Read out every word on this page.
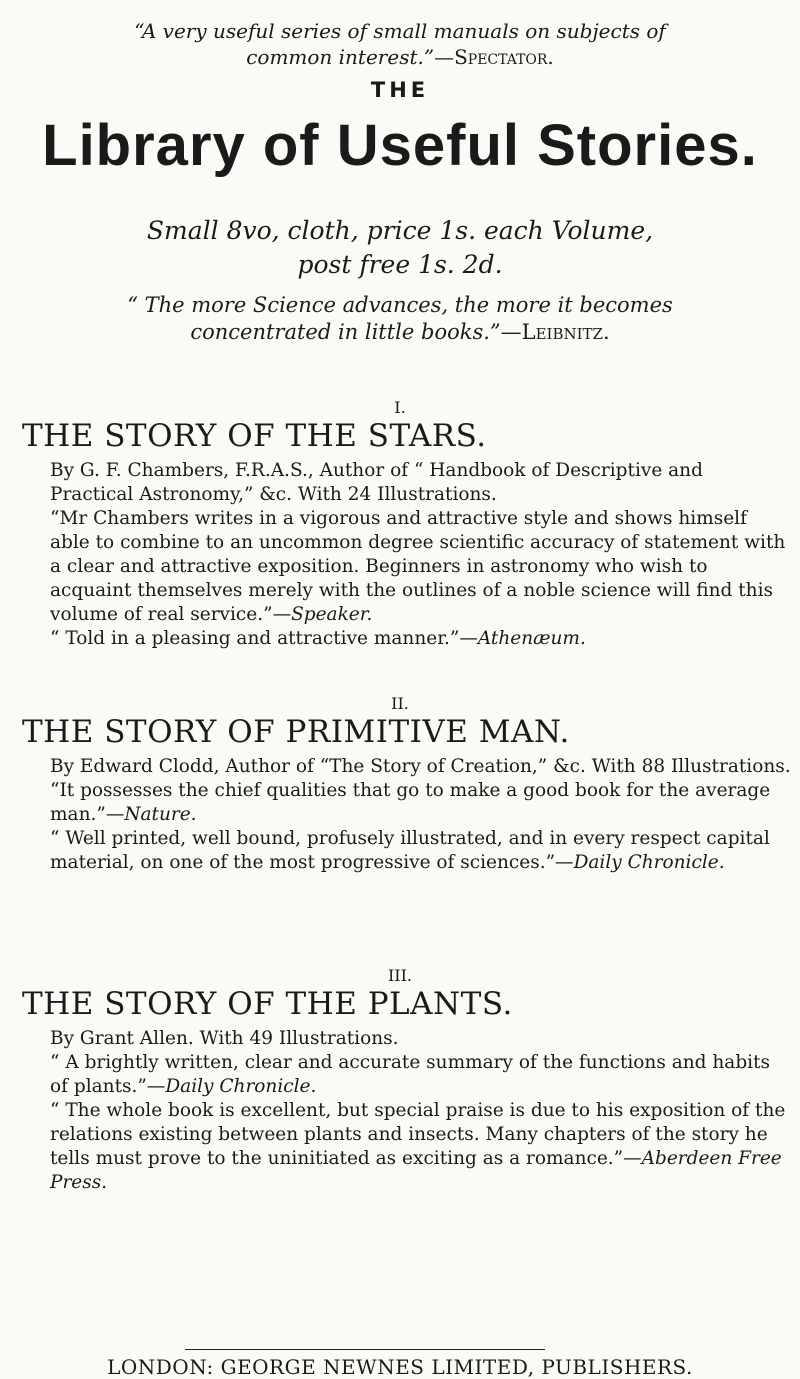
“A very useful series of small manuals on subjects of
common interest.”—Spectator.
THE
Library of Useful Stories.
Small 8vo, cloth, price 1s. each Volume,
post free 1s. 2d.
“ The more Science advances, the more it becomes
concentrated in little books.”—Leibnitz.
I.
THE STORY OF THE STARS.

By G. F. Chambers, F.R.A.S., Author of “ Handbook of Descriptive and Practical Astronomy,” &c. With 24 Illustrations.

“Mr Chambers writes in a vigorous and attractive style and shows himself able to combine to an uncommon degree scientific accuracy of statement with a clear and attractive exposition. Beginners in astronomy who wish to acquaint themselves merely with the outlines of a noble science will find this volume of real service.”—Speaker.

“ Told in a pleasing and attractive manner.”—Athenæum.

II.
THE STORY OF PRIMITIVE MAN.

By Edward Clodd, Author of “The Story of Creation,” &c. With 88 Illustrations.

“It possesses the chief qualities that go to make a good book for the average man.”—Nature.

“ Well printed, well bound, profusely illustrated, and in every respect capital material, on one of the most progressive of sciences.”—Daily Chronicle.

III.
THE STORY OF THE PLANTS.

By Grant Allen. With 49 Illustrations.

“ A brightly written, clear and accurate summary of the functions and habits of plants.”—Daily Chronicle.

“ The whole book is excellent, but special praise is due to his exposition of the relations existing between plants and insects. Many chapters of the story he tells must prove to the uninitiated as exciting as a romance.”—Aberdeen Free Press.

LONDON: GEORGE NEWNES LIMITED, PUBLISHERS.
